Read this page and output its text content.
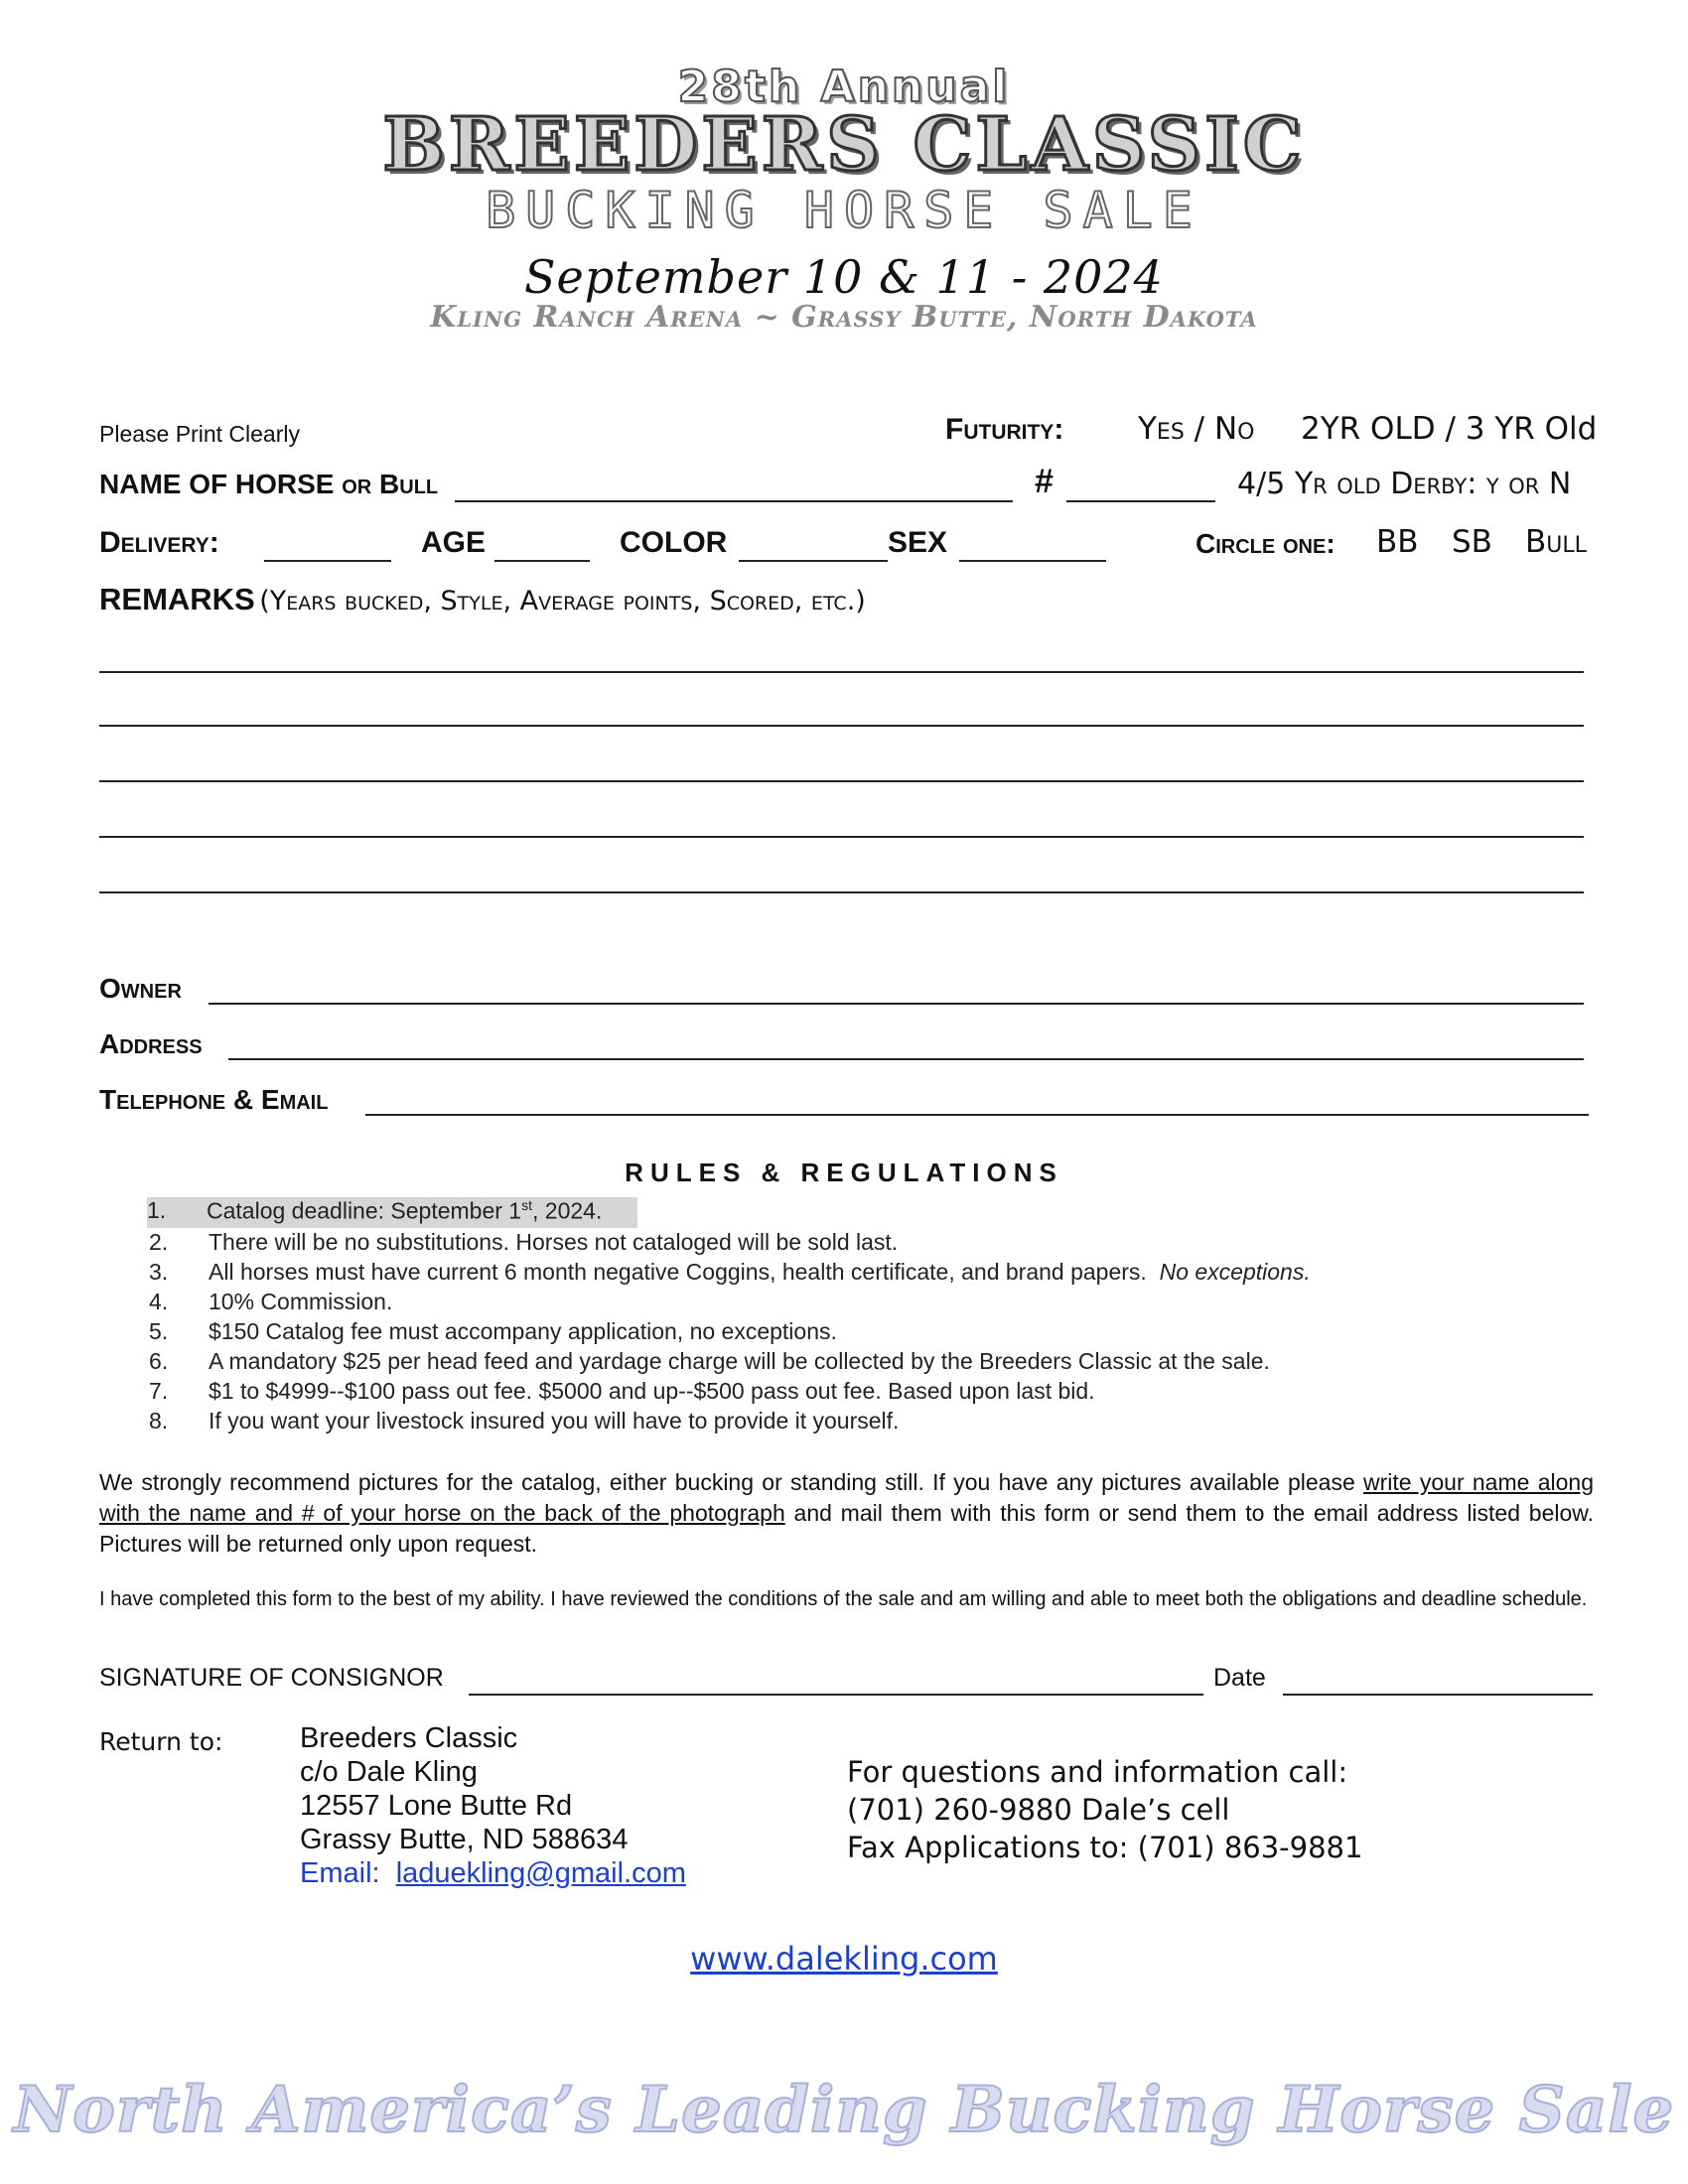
28th Annual
BREEDERS CLASSIC
BUCKING HORSE SALE
September 10 & 11 - 2024
Kling Ranch Arena ~ Grassy Butte, North Dakota
Please Print Clearly	Futurity: Yes / No 2YR OLD / 3 YR Old
NAME OF HORSE or Bull	#	4/5 Yr old Derby: y or N
Delivery:	AGE	COLOR	SEX	Circle one: BB SB Bull
REMARKS (Years bucked, Style, Average points, Scored, etc.)
Owner
Address
Telephone & Email
RULES & REGULATIONS
1. Catalog deadline: September 1st, 2024.
2. There will be no substitutions. Horses not cataloged will be sold last.
3. All horses must have current 6 month negative Coggins, health certificate, and brand papers. No exceptions.
4. 10% Commission.
5. $150 Catalog fee must accompany application, no exceptions.
6. A mandatory $25 per head feed and yardage charge will be collected by the Breeders Classic at the sale.
7. $1 to $4999--$100 pass out fee. $5000 and up--$500 pass out fee. Based upon last bid.
8. If you want your livestock insured you will have to provide it yourself.
We strongly recommend pictures for the catalog, either bucking or standing still. If you have any pictures available please write your name along with the name and # of your horse on the back of the photograph and mail them with this form or send them to the email address listed below. Pictures will be returned only upon request.
I have completed this form to the best of my ability. I have reviewed the conditions of the sale and am willing and able to meet both the obligations and deadline schedule.
SIGNATURE OF CONSIGNOR	Date
Return to:	Breeders Classic
c/o Dale Kling
12557 Lone Butte Rd
Grassy Butte, ND 588634
Email: laduekling@gmail.com
For questions and information call:
(701) 260-9880 Dale’s cell
Fax Applications to: (701) 863-9881
www.dalekling.com
North America’s Leading Bucking Horse Sale
